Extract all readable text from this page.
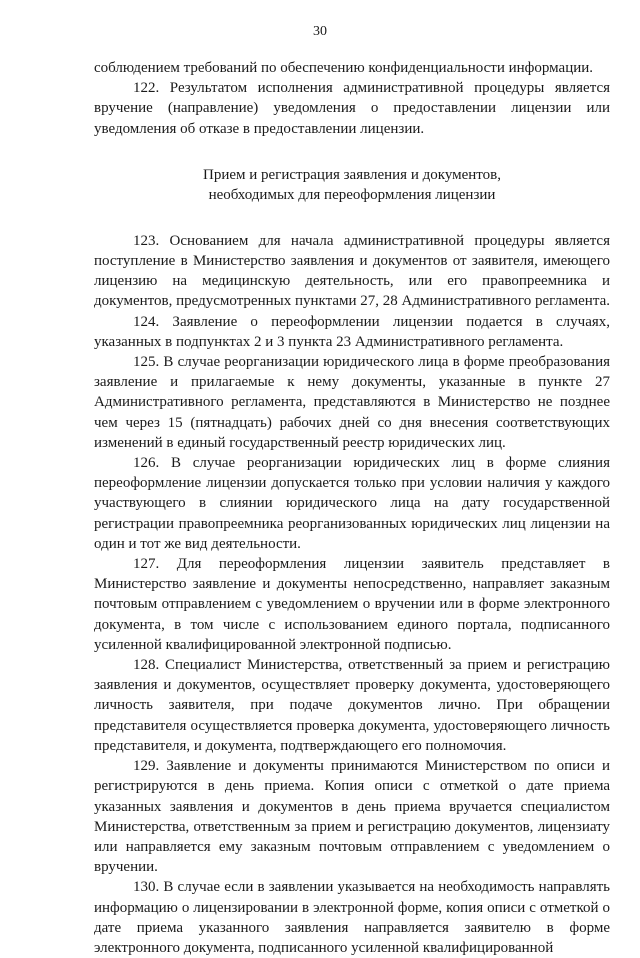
30

соблюдением требований по обеспечению конфиденциальности информации.

122. Результатом исполнения административной процедуры является вручение (направление) уведомления о предоставлении лицензии или уведомления об отказе в предоставлении лицензии.

Прием и регистрация заявления и документов,
необходимых для переоформления лицензии

123. Основанием для начала административной процедуры является поступление в Министерство заявления и документов от заявителя, имеющего лицензию на медицинскую деятельность, или его правопреемника и документов, предусмотренных пунктами 27, 28 Административного регламента.

124. Заявление о переоформлении лицензии подается в случаях, указанных в подпунктах 2 и 3 пункта 23 Административного регламента.

125. В случае реорганизации юридического лица в форме преобразования заявление и прилагаемые к нему документы, указанные в пункте 27 Административного регламента, представляются в Министерство не позднее чем через 15 (пятнадцать) рабочих дней со дня внесения соответствующих изменений в единый государственный реестр юридических лиц.

126. В случае реорганизации юридических лиц в форме слияния переоформление лицензии допускается только при условии наличия у каждого участвующего в слиянии юридического лица на дату государственной регистрации правопреемника реорганизованных юридических лиц лицензии на один и тот же вид деятельности.

127. Для переоформления лицензии заявитель представляет в Министерство заявление и документы непосредственно, направляет заказным почтовым отправлением с уведомлением о вручении или в форме электронного документа, в том числе с использованием единого портала, подписанного усиленной квалифицированной электронной подписью.

128. Специалист Министерства, ответственный за прием и регистрацию заявления и документов, осуществляет проверку документа, удостоверяющего личность заявителя, при подаче документов лично. При обращении представителя осуществляется проверка документа, удостоверяющего личность представителя, и документа, подтверждающего его полномочия.

129. Заявление и документы принимаются Министерством по описи и регистрируются в день приема. Копия описи с отметкой о дате приема указанных заявления и документов в день приема вручается специалистом Министерства, ответственным за прием и регистрацию документов, лицензиату или направляется ему заказным почтовым отправлением с уведомлением о вручении.

130. В случае если в заявлении указывается на необходимость направлять информацию о лицензировании в электронной форме, копия описи с отметкой о дате приема указанного заявления направляется заявителю в форме электронного документа, подписанного усиленной квалифицированной
